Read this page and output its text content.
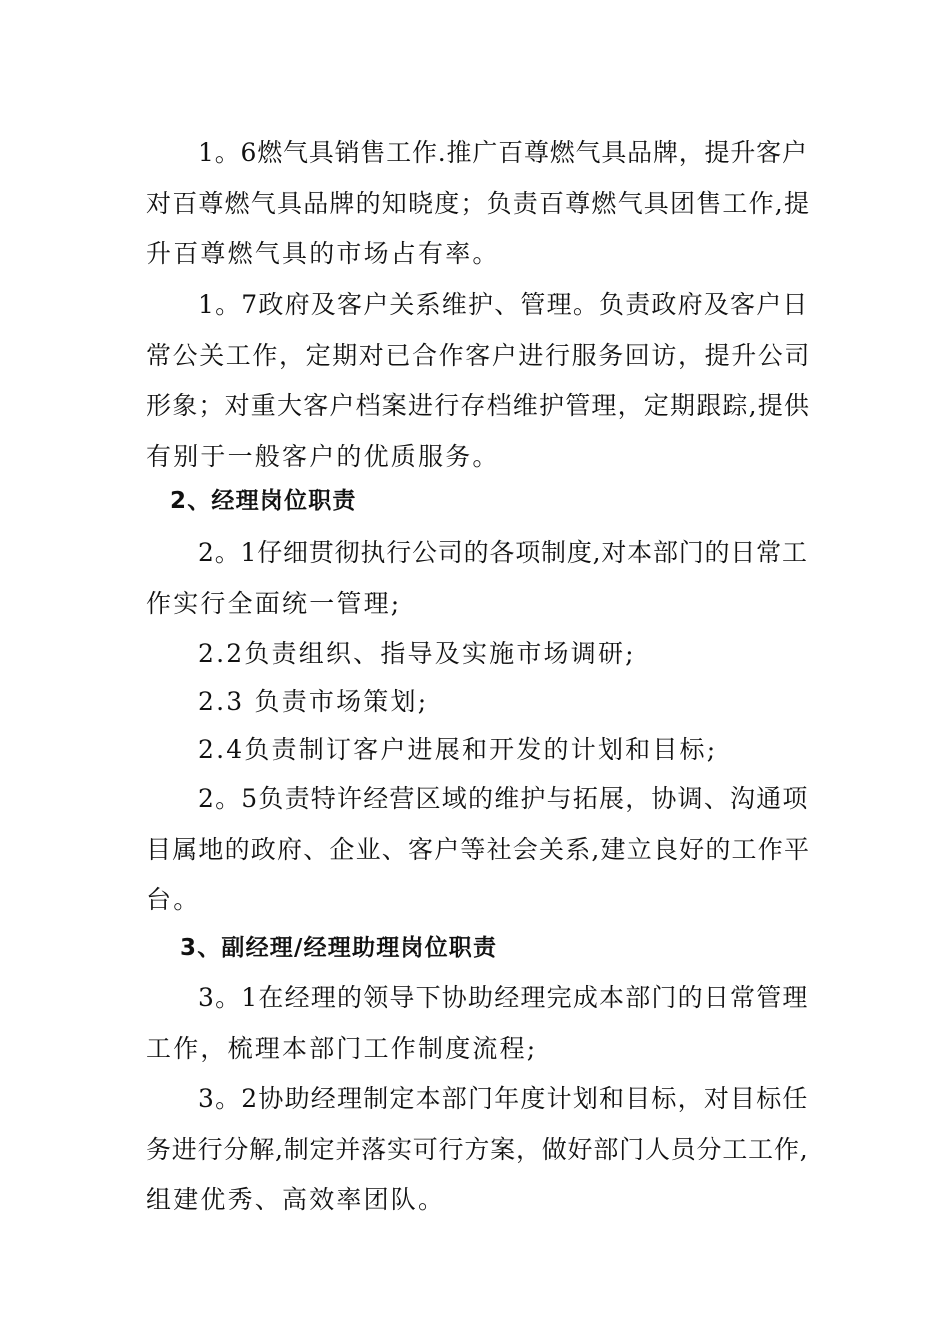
1。6燃气具销售工作.推广百尊燃气具品牌，提升客户
对百尊燃气具品牌的知晓度；负责百尊燃气具团售工作,提
升百尊燃气具的市场占有率。
1。7政府及客户关系维护、管理。负责政府及客户日
常公关工作，定期对已合作客户进行服务回访，提升公司
形象；对重大客户档案进行存档维护管理，定期跟踪,提供
有别于一般客户的优质服务。
2、经理岗位职责
2。1仔细贯彻执行公司的各项制度,对本部门的日常工
作实行全面统一管理;
2.2负责组织、指导及实施市场调研;
2.3 负责市场策划;
2.4负责制订客户进展和开发的计划和目标;
2。5负责特许经营区域的维护与拓展，协调、沟通项
目属地的政府、企业、客户等社会关系,建立良好的工作平
台。
3、副经理/经理助理岗位职责
3。1在经理的领导下协助经理完成本部门的日常管理
工作，梳理本部门工作制度流程;
3。2协助经理制定本部门年度计划和目标，对目标任
务进行分解,制定并落实可行方案，做好部门人员分工工作,
组建优秀、高效率团队。
